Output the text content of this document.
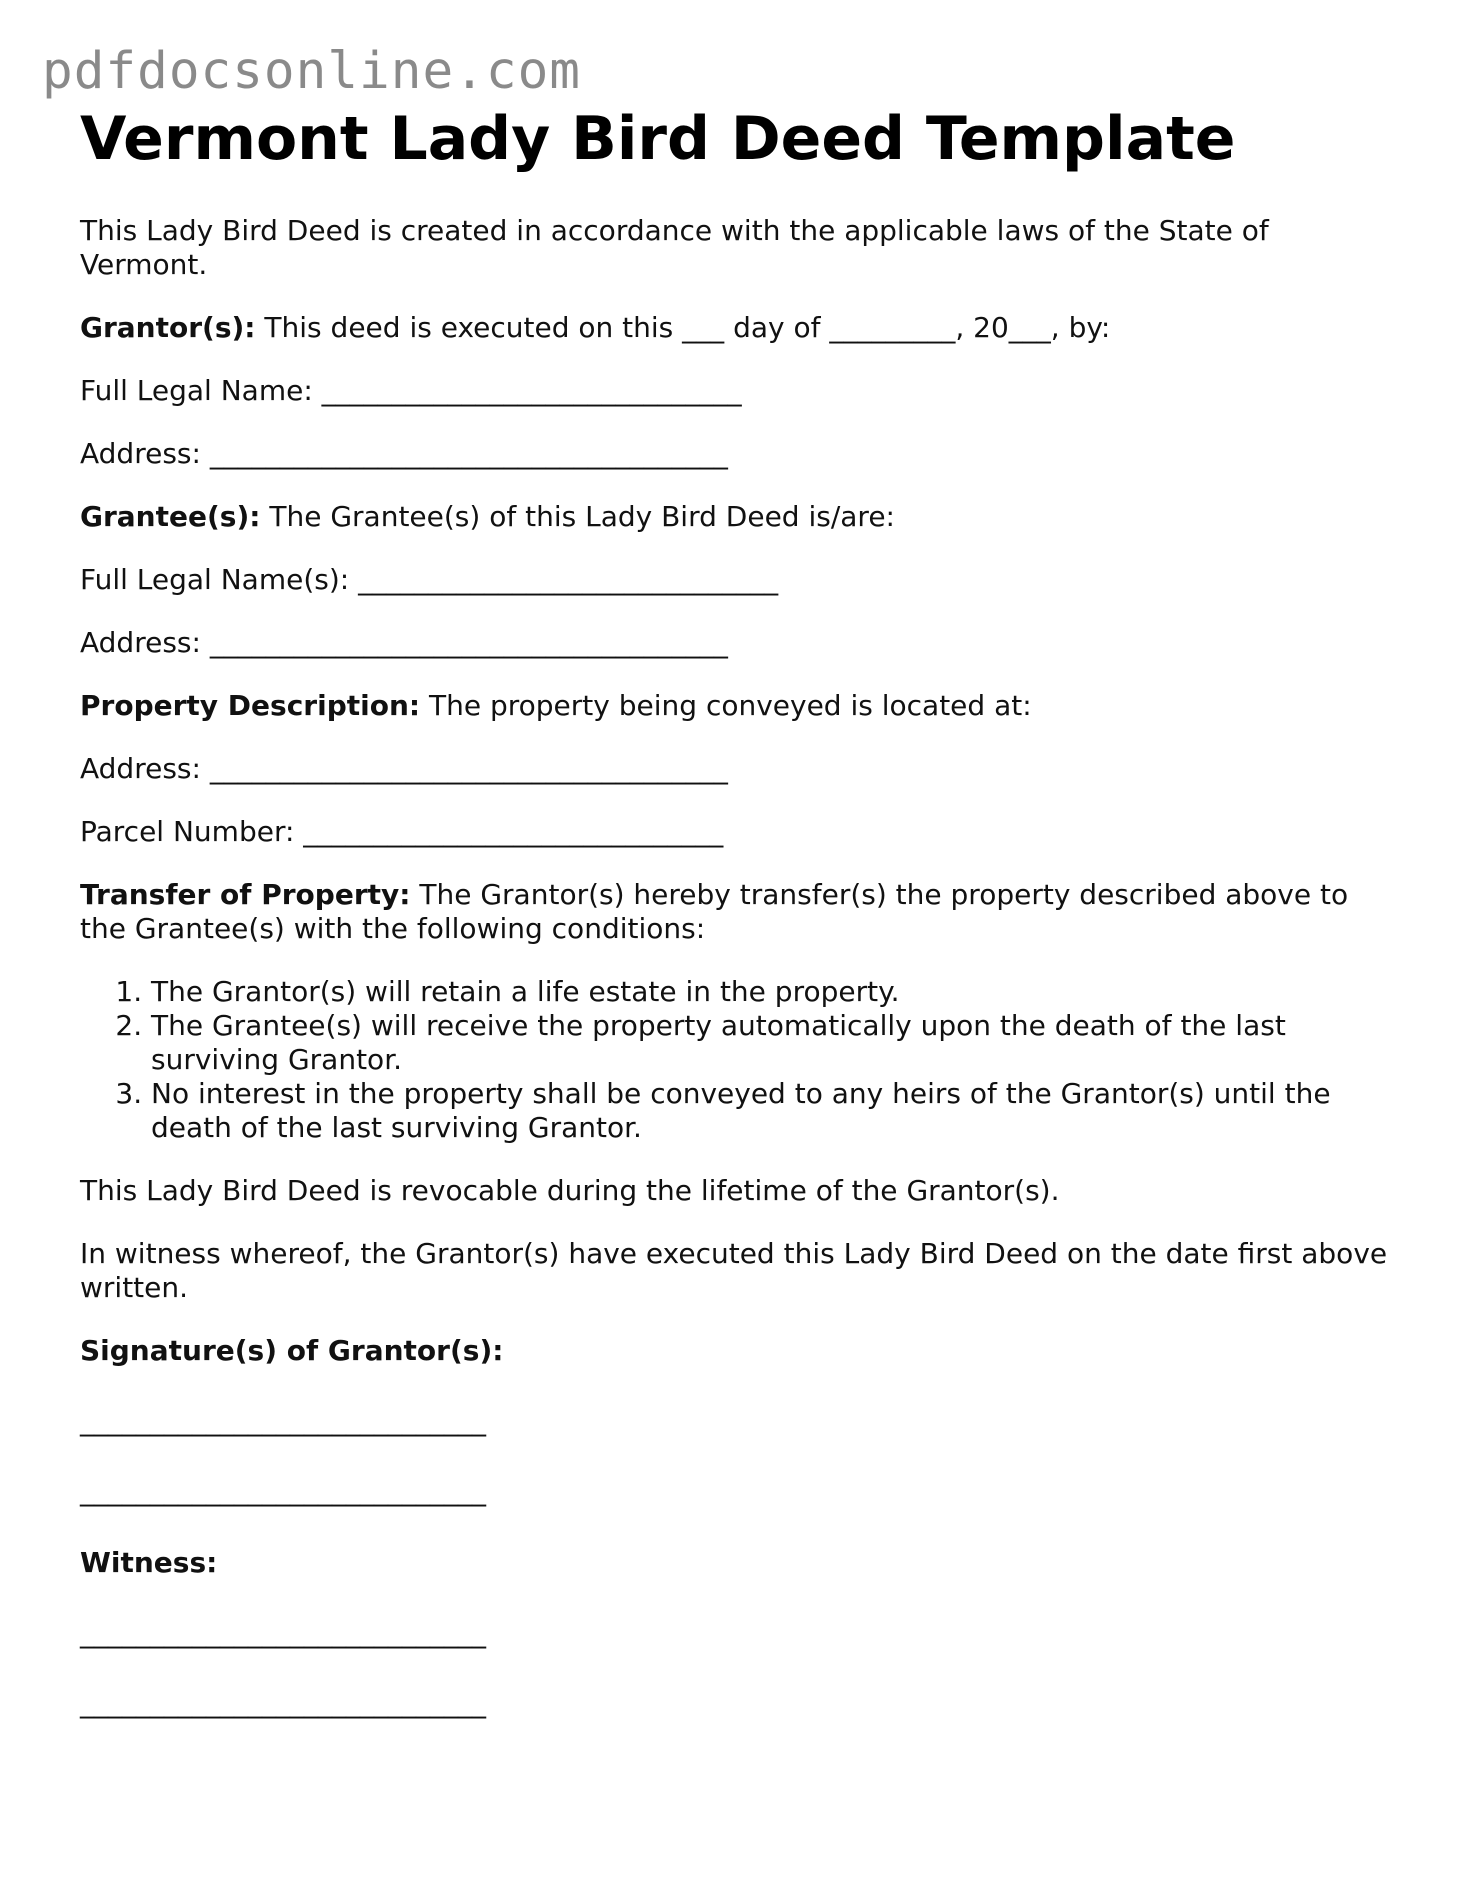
pdfdocsonline.com
Vermont Lady Bird Deed Template

This Lady Bird Deed is created in accordance with the applicable laws of the State of Vermont.

Grantor(s): This deed is executed on this ___ day of _________, 20___, by:

Full Legal Name: ______________________________

Address: _____________________________________

Grantee(s): The Grantee(s) of this Lady Bird Deed is/are:

Full Legal Name(s): ______________________________

Address: _____________________________________

Property Description: The property being conveyed is located at:

Address: _____________________________________

Parcel Number: ______________________________

Transfer of Property: The Grantor(s) hereby transfer(s) the property described above to the Grantee(s) with the following conditions:

1. The Grantor(s) will retain a life estate in the property.
2. The Grantee(s) will receive the property automatically upon the death of the last surviving Grantor.
3. No interest in the property shall be conveyed to any heirs of the Grantor(s) until the death of the last surviving Grantor.

This Lady Bird Deed is revocable during the lifetime of the Grantor(s).

In witness whereof, the Grantor(s) have executed this Lady Bird Deed on the date first above written.

Signature(s) of Grantor(s):

_____________________________
_____________________________

Witness:

_____________________________
_____________________________
